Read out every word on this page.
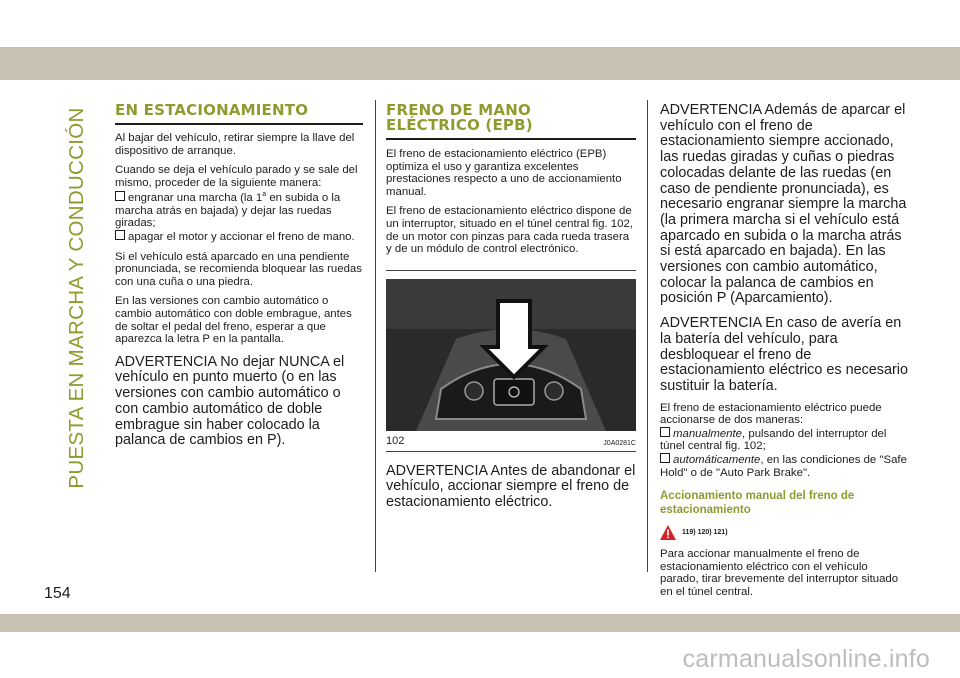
PUESTA EN MARCHA Y CONDUCCIÓN EN ESTACIONAMIENTO

Al bajar del vehículo, retirar siempre la llave del dispositivo de arranque.

Cuando se deja el vehículo parado y se sale del mismo, proceder de la siguiente manera:
engranar una marcha (la 1$^a$ en subida o la marcha atrás en bajada) y dejar las ruedas giradas;
apagar el motor y accionar el freno de mano.

Si el vehículo está aparcado en una pendiente pronunciada, se recomienda bloquear las ruedas con una cuña o una piedra.

En las versiones con cambio automático o cambio automático con doble embrague, antes de soltar el pedal del freno, esperar a que aparezca la letra P en la pantalla.

ADVERTENCIA No dejar NUNCA el vehículo en punto muerto (o en las versiones con cambio automático o con cambio automático de doble embrague sin haber colocado la palanca de cambios en P).

FRENO DE MANO
ELÉCTRICO (EPB)

El freno de estacionamiento eléctrico (EPB) optimiza el uso y garantiza excelentes prestaciones respecto a uno de accionamiento manual.

El freno de estacionamiento eléctrico dispone de un interruptor, situado en el túnel central fig. 102, de un motor con pinzas para cada rueda trasera y de un módulo de control electrónico.

102	J0A0281C

ADVERTENCIA Antes de abandonar el vehículo, accionar siempre el freno de estacionamiento eléctrico.

ADVERTENCIA Además de aparcar el vehículo con el freno de estacionamiento siempre accionado, las ruedas giradas y cuñas o piedras colocadas delante de las ruedas (en caso de pendiente pronunciada), es necesario engranar siempre la marcha (la primera marcha si el vehículo está aparcado en subida o la marcha atrás si está aparcado en bajada). En las versiones con cambio automático, colocar la palanca de cambios en posición P (Aparcamiento).

ADVERTENCIA En caso de avería en la batería del vehículo, para desbloquear el freno de estacionamiento eléctrico es necesario sustituir la batería.

El freno de estacionamiento eléctrico puede accionarse de dos maneras:
manualmente, pulsando del interruptor del túnel central fig. 102;
automáticamente, en las condiciones de "Safe Hold" o de "Auto Park Brake".

Accionamiento manual del freno de estacionamiento
119) 120) 121)

Para accionar manualmente el freno de estacionamiento eléctrico con el vehículo parado, tirar brevemente del interruptor situado en el túnel central.

154
carmanualsonline.info
